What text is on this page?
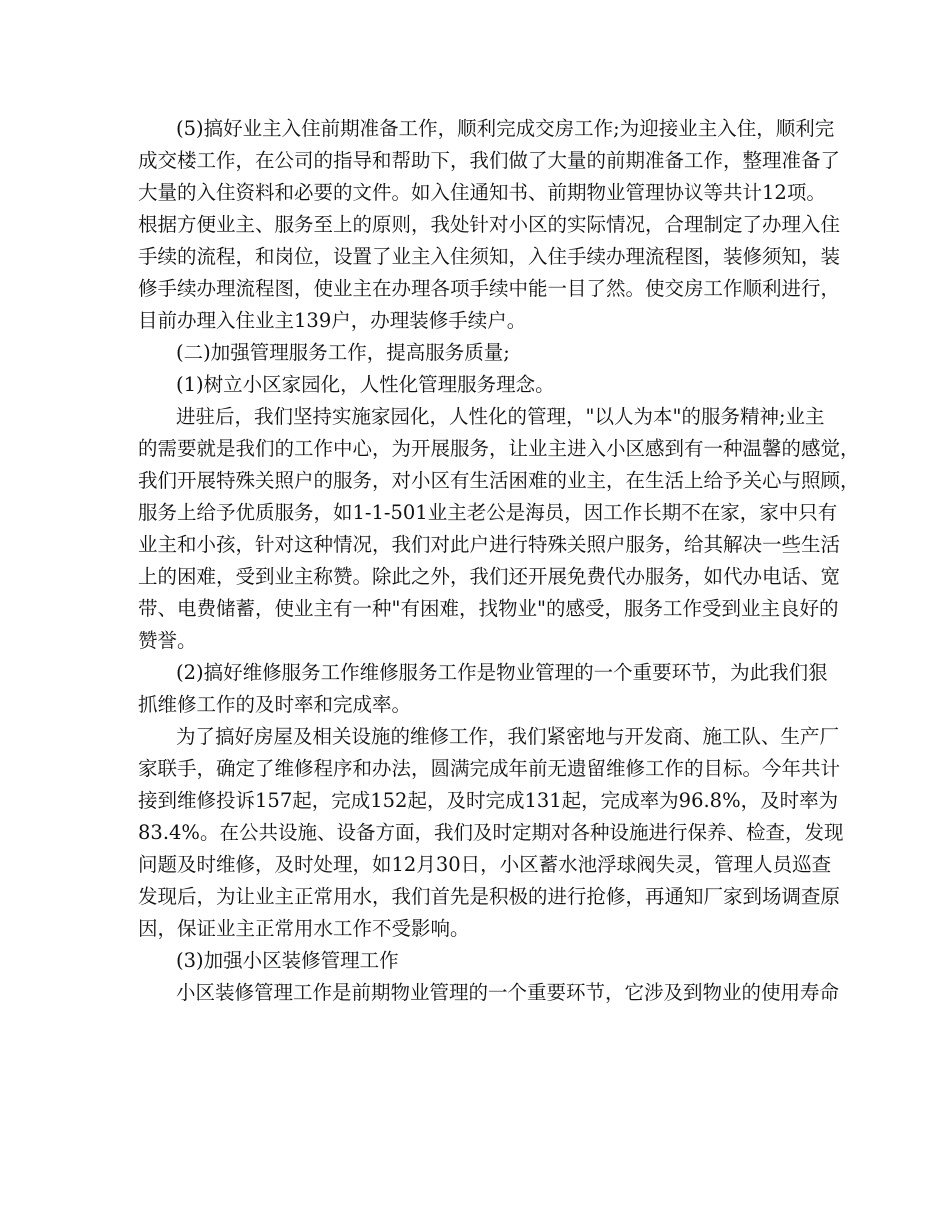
(5)搞好业主入住前期准备工作，顺利完成交房工作;为迎接业主入住，顺利完
成交楼工作，在公司的指导和帮助下，我们做了大量的前期准备工作，整理准备了
大量的入住资料和必要的文件。如入住通知书、前期物业管理协议等共计12项。
根据方便业主、服务至上的原则，我处针对小区的实际情况，合理制定了办理入住
手续的流程，和岗位，设置了业主入住须知，入住手续办理流程图，装修须知，装
修手续办理流程图，使业主在办理各项手续中能一目了然。使交房工作顺利进行，
目前办理入住业主139户，办理装修手续户。
(二)加强管理服务工作，提高服务质量;
(1)树立小区家园化，人性化管理服务理念。
进驻后，我们坚持实施家园化，人性化的管理，"以人为本"的服务精神;业主
的需要就是我们的工作中心，为开展服务，让业主进入小区感到有一种温馨的感觉，
我们开展特殊关照户的服务，对小区有生活困难的业主，在生活上给予关心与照顾，
服务上给予优质服务，如1-1-501业主老公是海员，因工作长期不在家，家中只有
业主和小孩，针对这种情况，我们对此户进行特殊关照户服务，给其解决一些生活
上的困难，受到业主称赞。除此之外，我们还开展免费代办服务，如代办电话、宽
带、电费储蓄，使业主有一种"有困难，找物业"的感受，服务工作受到业主良好的
赞誉。
(2)搞好维修服务工作维修服务工作是物业管理的一个重要环节，为此我们狠
抓维修工作的及时率和完成率。
为了搞好房屋及相关设施的维修工作，我们紧密地与开发商、施工队、生产厂
家联手，确定了维修程序和办法，圆满完成年前无遗留维修工作的目标。今年共计
接到维修投诉157起，完成152起，及时完成131起，完成率为96.8%，及时率为
83.4%。在公共设施、设备方面，我们及时定期对各种设施进行保养、检查，发现
问题及时维修，及时处理，如12月30日，小区蓄水池浮球阀失灵，管理人员巡查
发现后，为让业主正常用水，我们首先是积极的进行抢修，再通知厂家到场调查原
因，保证业主正常用水工作不受影响。
(3)加强小区装修管理工作
小区装修管理工作是前期物业管理的一个重要环节，它涉及到物业的使用寿命
